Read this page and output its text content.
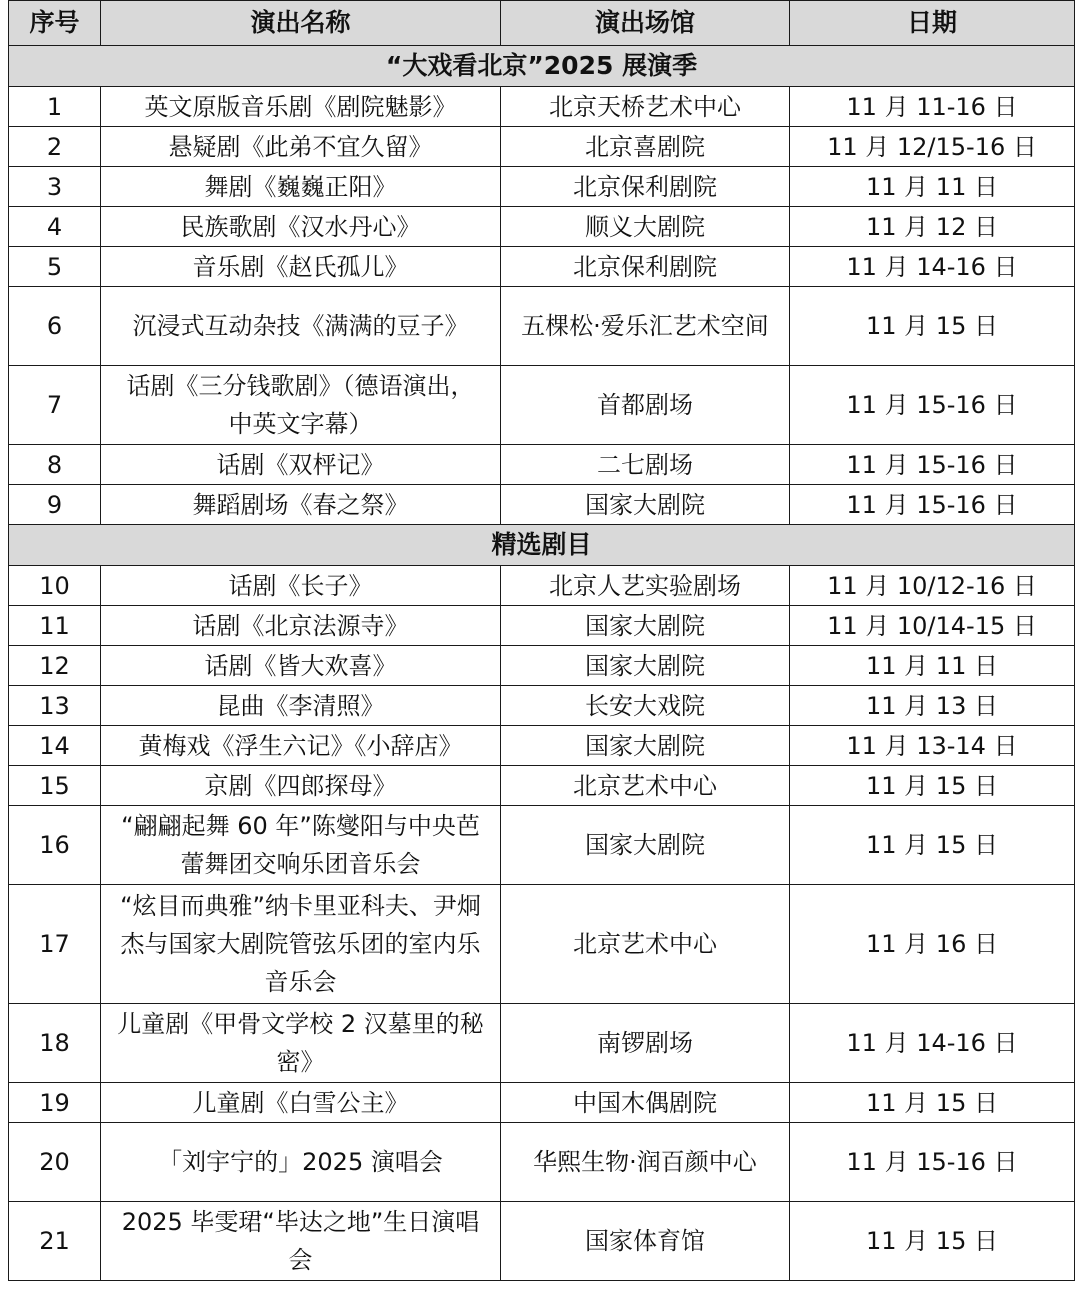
序号	演出名称	演出场馆	日期
“大戏看北京”2025 展演季			
1	英文原版音乐剧《剧院魅影》	北京天桥艺术中心	11 月 11-16 日
2	悬疑剧《此弟不宜久留》	北京喜剧院	11 月 12/15-16 日
3	舞剧《巍巍正阳》	北京保利剧院	11 月 11 日
4	民族歌剧《汉水丹心》	顺义大剧院	11 月 12 日
5	音乐剧《赵氏孤儿》	北京保利剧院	11 月 14-16 日
6	沉浸式互动杂技《满满的豆子》	五棵松·爱乐汇艺术空间	11 月 15 日
7	话剧《三分钱歌剧》（德语演出，中英文字幕）	首都剧场	11 月 15-16 日
8	话剧《双枰记》	二七剧场	11 月 15-16 日
9	舞蹈剧场《春之祭》	国家大剧院	11 月 15-16 日
精选剧目			
10	话剧《长子》	北京人艺实验剧场	11 月 10/12-16 日
11	话剧《北京法源寺》	国家大剧院	11 月 10/14-15 日
12	话剧《皆大欢喜》	国家大剧院	11 月 11 日
13	昆曲《李清照》	长安大戏院	11 月 13 日
14	黄梅戏《浮生六记》《小辞店》	国家大剧院	11 月 13-14 日
15	京剧《四郎探母》	北京艺术中心	11 月 15 日
16	“翩翩起舞 60 年”陈燮阳与中央芭蕾舞团交响乐团音乐会	国家大剧院	11 月 15 日
17	“炫目而典雅”纳卡里亚科夫、尹炯杰与国家大剧院管弦乐团的室内乐音乐会	北京艺术中心	11 月 16 日
18	儿童剧《甲骨文学校 2 汉墓里的秘密》	南锣剧场	11 月 14-16 日
19	儿童剧《白雪公主》	中国木偶剧院	11 月 15 日
20	「刘宇宁的」2025 演唱会	华熙生物·润百颜中心	11 月 15-16 日
21	2025 毕雯珺“毕达之地”生日演唱会	国家体育馆	11 月 15 日
